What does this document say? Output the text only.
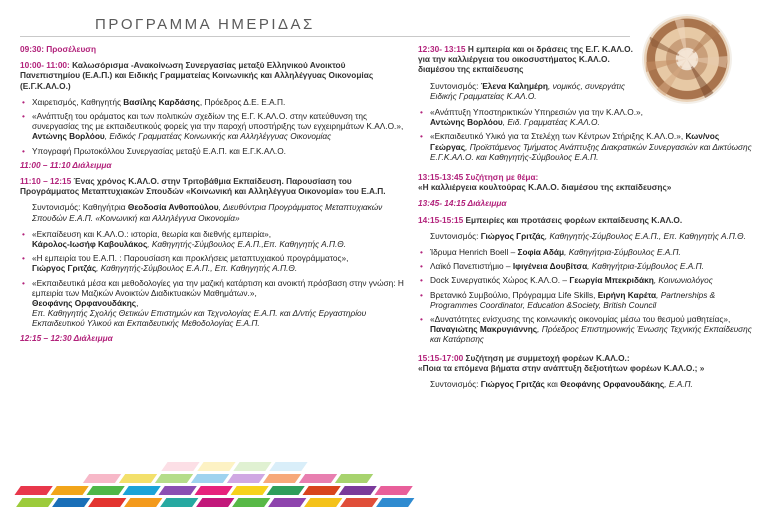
ΠΡΟΓΡΑΜΜΑ ΗΜΕΡΙΔΑΣ
09:30: Προσέλευση
10:00- 11:00: Καλωσόρισμα -Ανακοίνωση Συνεργασίας μεταξύ Ελληνικού Ανοικτού Πανεπιστημίου (Ε.Α.Π.) και Ειδικής Γραμματείας Κοινωνικής και Αλληλέγγυας Οικονομίας (Ε.Γ.Κ.ΑΛ.Ο.)
• Χαιρετισμός, Καθηγητής Βασίλης Καρδάσης, Πρόεδρος Δ.Ε. Ε.Α.Π.
• «Ανάπτυξη του οράματος και των πολιτικών σχεδίων της Ε.Γ. Κ.ΑΛ.Ο. στην κατεύθυνση της συνεργασίας της με εκπαιδευτικούς φορείς για την παροχή υποστήριξης των εγχειρημάτων Κ.ΑΛ.Ο.», Αντώνης Βορλόου, Ειδικός Γραμματέας Κοινωνικής και Αλληλέγγυας Οικονομίας
• Υπογραφή Πρωτοκόλλου Συνεργασίας μεταξύ Ε.Α.Π. και Ε.Γ.Κ.ΑΛ.Ο.
11:00 – 11:10 Διάλειμμα
11:10 – 12:15 Ένας χρόνος Κ.ΑΛ.Ο. στην Τριτοβάθμια Εκπαίδευση. Παρουσίαση του Προγράμματος Μεταπτυχιακών Σπουδών «Κοινωνική και Αλληλέγγυα Οικονομία» του Ε.Α.Π.
Συντονισμός: Καθηγήτρια Θεοδοσία Ανθοπούλου, Διευθύντρια Προγράμματος Μεταπτυχιακών Σπουδών Ε.Α.Π. «Κοινωνική και Αλληλέγγυα Οικονομία»
• «Εκπαίδευση και Κ.ΑΛ.Ο.: ιστορία, θεωρία και διεθνής εμπειρία»,
Κάρολος-Ιωσήφ Καβουλάκος, Καθηγητής-Σύμβουλος Ε.Α.Π.,Επ. Καθηγητής Α.Π.Θ.
• «Η εμπειρία του Ε.Α.Π. : Παρουσίαση και προκλήσεις μεταπτυχιακού προγράμματος»,
Γιώργος Γριτζάς, Καθηγητής-Σύμβουλος Ε.Α.Π., Επ. Καθηγητής Α.Π.Θ.
• «Εκπαιδευτικά μέσα και μεθοδολογίες για την μαζική κατάρτιση και ανοικτή πρόσβαση στην γνώση: Η εμπειρία των Μαζικών Ανοικτών Διαδικτυακών Μαθημάτων.»,
Θεοφάνης Ορφανουδάκης,
Επ. Καθηγητής Σχολής Θετικών Επιστημών και Τεχνολογίας Ε.Α.Π. και Δ/ντής Εργαστηρίου Εκπαιδευτικού Υλικού και Εκπαιδευτικής Μεθοδολογίας Ε.Α.Π.
12:15 – 12:30 Διάλειμμα
12:30- 13:15 Η εμπειρία και οι δράσεις της Ε.Γ. Κ.ΑΛ.Ο. για την καλλιέργεια του οικοσυστήματος Κ.ΑΛ.Ο. διαμέσου της εκπαίδευσης
Συντονισμός: Έλενα Καλημέρη, νομικός, συνεργάτις Ειδικής Γραμματείας Κ.ΑΛ.Ο.
• «Ανάπτυξη Υποστηρικτικών Υπηρεσιών για την Κ.ΑΛ.Ο.», Αντώνης Βορλόου, Ειδ. Γραμματέας Κ.ΑΛ.Ο.
• «Εκπαιδευτικό Υλικό για τα Στελέχη των Κέντρων Στήριξης Κ.ΑΛ.Ο.», Κων/νος Γεώργας, Προϊστάμενος Τμήματος Ανάπτυξης Διακρατικών Συνεργασιών και Δικτύωσης Ε.Γ.Κ.ΑΛ.Ο. και Καθηγητής-Σύμβουλος Ε.Α.Π.
13:15-13:45 Συζήτηση με θέμα:
«Η καλλιέργεια κουλτούρας Κ.ΑΛ.Ο. διαμέσου της εκπαίδευσης»
13:45- 14:15 Διάλειμμα
14:15-15:15 Εμπειρίες και προτάσεις φορέων εκπαίδευσης Κ.ΑΛ.Ο.
Συντονισμός: Γιώργος Γριτζάς, Καθηγητής-Σύμβουλος Ε.Α.Π., Επ. Καθηγητής Α.Π.Θ.
• Ίδρυμα Henrich Boell – Σοφία Αδάμ, Καθηγήτρια-Σύμβουλος Ε.Α.Π.
• Λαϊκό Πανεπιστήμιο – Ιφιγένεια Δουβίτσα, Καθηγήτρια-Σύμβουλος Ε.Α.Π.
• Dock Συνεργατικός Χώρος Κ.ΑΛ.Ο. – Γεωργία Μπεκριδάκη, Κοινωνιολόγος
• Βρετανικό Συμβούλιο, Πρόγραμμα Life Skills, Ειρήνη Καρέτα, Partnerships & Programmes Coordinator, Education &Society, British Council
• «Δυνατότητες ενίσχυσης της κοινωνικής οικονομίας μέσω του θεσμού μαθητείας», Παναγιώτης Μακρυγιάννης, Πρόεδρος Επιστημονικής Ένωσης Τεχνικής Εκπαίδευσης και Κατάρτισης
15:15-17:00 Συζήτηση με συμμετοχή φορέων Κ.ΑΛ.Ο.:
«Ποια τα επόμενα βήματα στην ανάπτυξη δεξιοτήτων φορέων Κ.ΑΛ.Ο.; »
Συντονισμός: Γιώργος Γριτζάς και Θεοφάνης Ορφανουδάκης, Ε.Α.Π.
